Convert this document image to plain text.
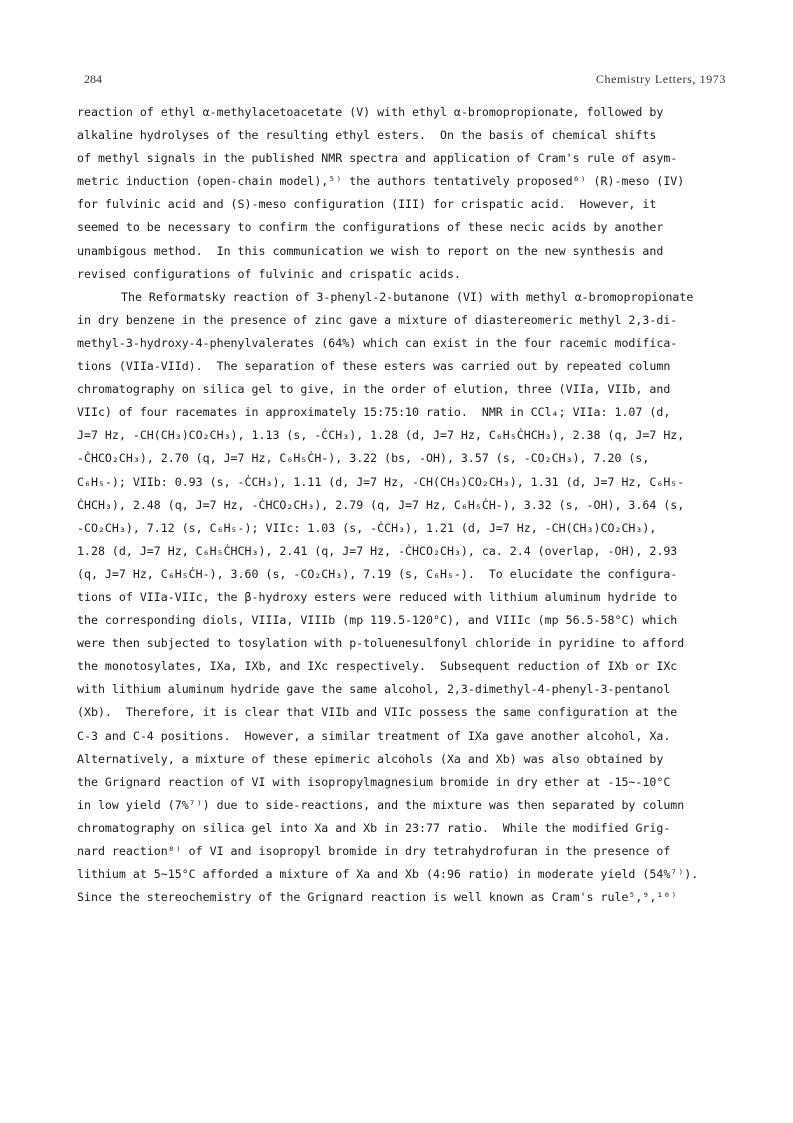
284	Chemistry Letters, 1973
reaction of ethyl α-methylacetoacetate (V) with ethyl α-bromopropionate, followed by
alkaline hydrolyses of the resulting ethyl esters.  On the basis of chemical shifts
of methyl signals in the published NMR spectra and application of Cram's rule of asym-
metric induction (open-chain model),⁵⁾ the authors tentatively proposed⁶⁾ (R)-meso (IV)
for fulvinic acid and (S)-meso configuration (III) for crispatic acid.  However, it
seemed to be necessary to confirm the configurations of these necic acids by another
unambigous method.  In this communication we wish to report on the new synthesis and
revised configurations of fulvinic and crispatic acids.
The Reformatsky reaction of 3-phenyl-2-butanone (VI) with methyl α-bromopropionate
in dry benzene in the presence of zinc gave a mixture of diastereomeric methyl 2,3-di-
methyl-3-hydroxy-4-phenylvalerates (64%) which can exist in the four racemic modifica-
tions (VIIa-VIId).  The separation of these esters was carried out by repeated column
chromatography on silica gel to give, in the order of elution, three (VIIa, VIIb, and
VIIc) of four racemates in approximately 15:75:10 ratio.  NMR in CCl₄; VIIa: 1.07 (d,
J=7 Hz, -CH(CH₃)CO₂CH₃), 1.13 (s, -ĊCH₃), 1.28 (d, J=7 Hz, C₆H₅ĊHCH₃), 2.38 (q, J=7 Hz,
-ĊHCO₂CH₃), 2.70 (q, J=7 Hz, C₆H₅ĊH-), 3.22 (bs, -OH), 3.57 (s, -CO₂CH₃), 7.20 (s,
C₆H₅-); VIIb: 0.93 (s, -ĊCH₃), 1.11 (d, J=7 Hz, -CH(CH₃)CO₂CH₃), 1.31 (d, J=7 Hz, C₆H₅-
ĊHCH₃), 2.48 (q, J=7 Hz, -ĊHCO₂CH₃), 2.79 (q, J=7 Hz, C₆H₅ĊH-), 3.32 (s, -OH), 3.64 (s,
-CO₂CH₃), 7.12 (s, C₆H₅-); VIIc: 1.03 (s, -ĊCH₃), 1.21 (d, J=7 Hz, -CH(CH₃)CO₂CH₃),
1.28 (d, J=7 Hz, C₆H₅ĊHCH₃), 2.41 (q, J=7 Hz, -ĊHCO₂CH₃), ca. 2.4 (overlap, -OH), 2.93
(q, J=7 Hz, C₆H₅ĊH-), 3.60 (s, -CO₂CH₃), 7.19 (s, C₆H₅-).  To elucidate the configura-
tions of VIIa-VIIc, the β-hydroxy esters were reduced with lithium aluminum hydride to
the corresponding diols, VIIIa, VIIIb (mp 119.5-120°C), and VIIIc (mp 56.5-58°C) which
were then subjected to tosylation with p-toluenesulfonyl chloride in pyridine to afford
the monotosylates, IXa, IXb, and IXc respectively.  Subsequent reduction of IXb or IXc
with lithium aluminum hydride gave the same alcohol, 2,3-dimethyl-4-phenyl-3-pentanol
(Xb).  Therefore, it is clear that VIIb and VIIc possess the same configuration at the
C-3 and C-4 positions.  However, a similar treatment of IXa gave another alcohol, Xa.
Alternatively, a mixture of these epimeric alcohols (Xa and Xb) was also obtained by
the Grignard reaction of VI with isopropylmagnesium bromide in dry ether at -15~-10°C
in low yield (7%⁷⁾) due to side-reactions, and the mixture was then separated by column
chromatography on silica gel into Xa and Xb in 23:77 ratio.  While the modified Grig-
nard reaction⁸⁾ of VI and isopropyl bromide in dry tetrahydrofuran in the presence of
lithium at 5~15°C afforded a mixture of Xa and Xb (4:96 ratio) in moderate yield (54%⁷⁾).
Since the stereochemistry of the Grignard reaction is well known as Cram's rule⁵,⁹,¹⁰⁾
